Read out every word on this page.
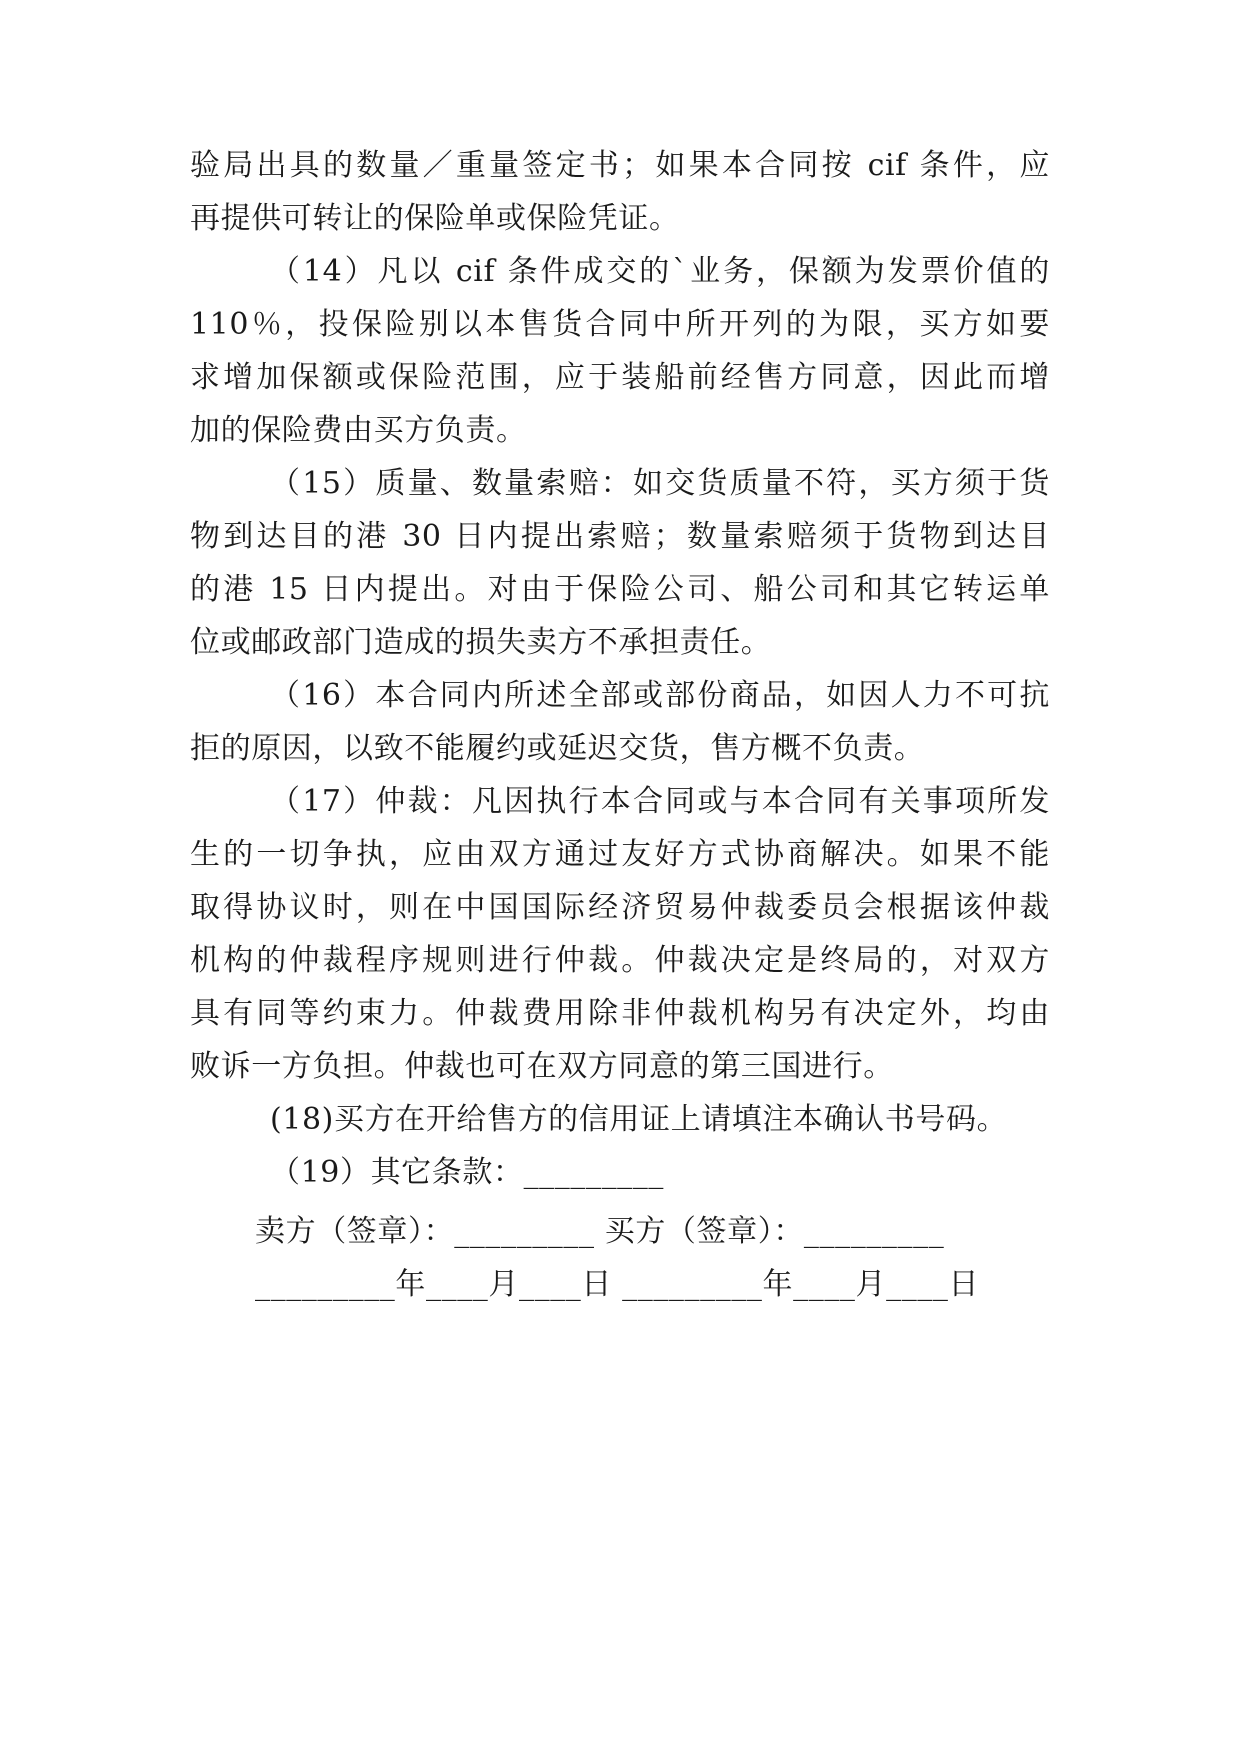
验局出具的数量／重量签定书；如果本合同按 cif 条件，应
再提供可转让的保险单或保险凭证。
（14）凡以 cif 条件成交的`业务，保额为发票价值的
110％，投保险别以本售货合同中所开列的为限，买方如要
求增加保额或保险范围，应于装船前经售方同意，因此而增
加的保险费由买方负责。
（15）质量、数量索赔：如交货质量不符，买方须于货
物到达目的港 30 日内提出索赔；数量索赔须于货物到达目
的港 15 日内提出。对由于保险公司、船公司和其它转运单
位或邮政部门造成的损失卖方不承担责任。
（16）本合同内所述全部或部份商品，如因人力不可抗
拒的原因，以致不能履约或延迟交货，售方概不负责。
（17）仲裁：凡因执行本合同或与本合同有关事项所发
生的一切争执，应由双方通过友好方式协商解决。如果不能
取得协议时，则在中国国际经济贸易仲裁委员会根据该仲裁
机构的仲裁程序规则进行仲裁。仲裁决定是终局的，对双方
具有同等约束力。仲裁费用除非仲裁机构另有决定外，均由
败诉一方负担。仲裁也可在双方同意的第三国进行。
(18)买方在开给售方的信用证上请填注本确认书号码。
（19）其它条款：_________
卖方（签章）：_________ 买方（签章）：_________
_________年____月____日 _________年____月____日
